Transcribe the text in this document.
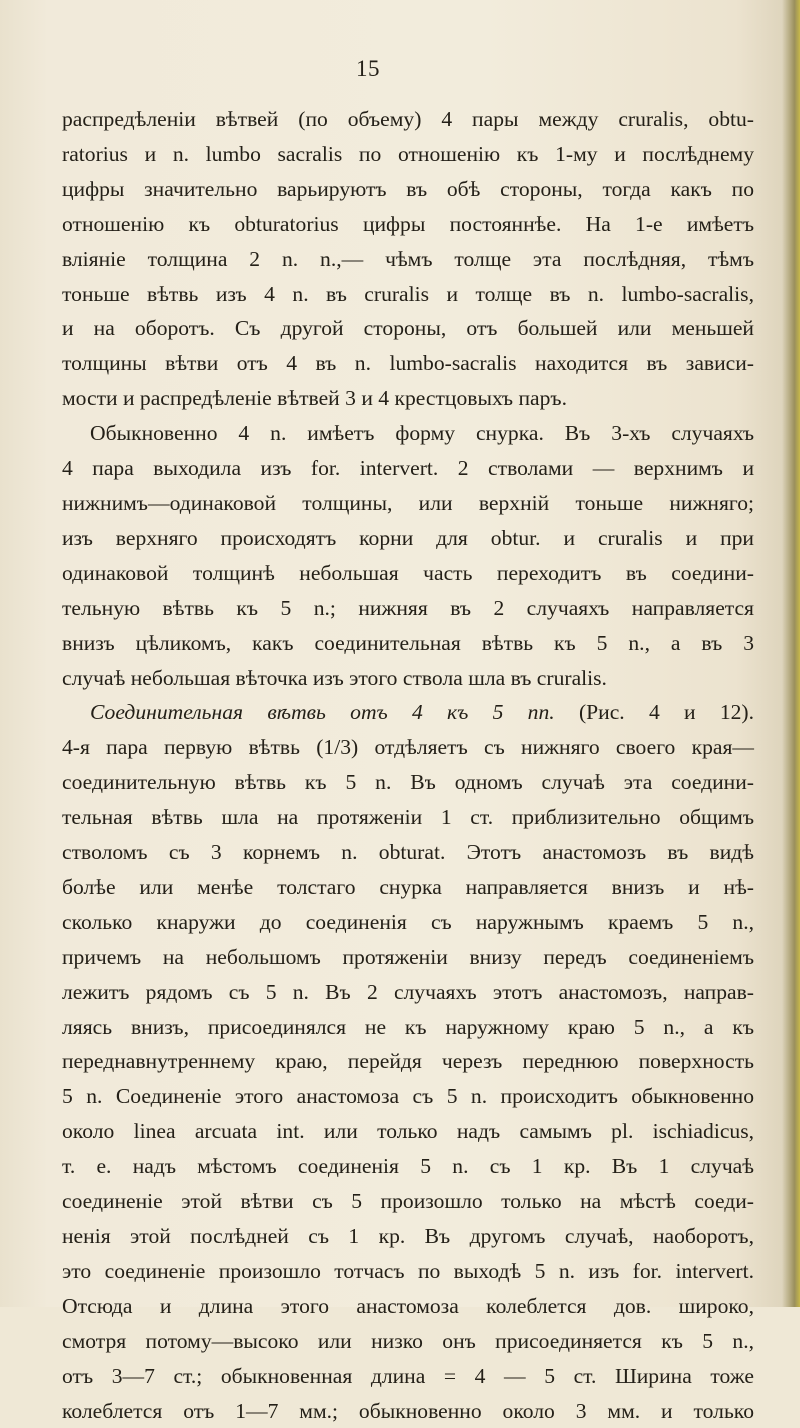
15
распредѣленіи вѣтвей (по объему) 4 пары между cruralis, obtu-
ratorius и n. lumbo sacralis по отношенію къ 1-му и послѣднему
цифры значительно варьируютъ въ обѣ стороны, тогда какъ по
отношенію къ obturatorius цифры постояннѣе. На 1-е имѣетъ
вліяніе толщина 2 n. n.,— чѣмъ толще эта послѣдняя, тѣмъ
тоньше вѣтвь изъ 4 n. въ cruralis и толще въ n. lumbo-sacralis,
и на оборотъ. Съ другой стороны, отъ большей или меньшей
толщины вѣтви отъ 4 въ n. lumbo-sacralis находится въ зависи-
мости и распредѣленіе вѣтвей 3 и 4 крестцовыхъ паръ.
Обыкновенно 4 n. имѣетъ форму снурка. Въ 3-хъ случаяхъ
4 пара выходила изъ for. intervert. 2 стволами — верхнимъ и
нижнимъ—одинаковой толщины, или верхній тоньше нижняго;
изъ верхняго происходятъ корни для obtur. и cruralis и при
одинаковой толщинѣ небольшая часть переходитъ въ соедини-
тельную вѣтвь къ 5 n.; нижняя въ 2 случаяхъ направляется
внизъ цѣликомъ, какъ соединительная вѣтвь къ 5 n., а въ 3
случаѣ небольшая вѣточка изъ этого ствола шла въ cruralis.
Соединительная вѣтвь отъ 4 къ 5 пп. (Рис. 4 и 12).
4-я пара первую вѣтвь (1/3) отдѣляетъ съ нижняго своего края—
соединительную вѣтвь къ 5 n. Въ одномъ случаѣ эта соедини-
тельная вѣтвь шла на протяженіи 1 ст. приблизительно общимъ
стволомъ съ 3 корнемъ n. obturat. Этотъ анастомозъ въ видѣ
болѣе или менѣе толстаго снурка направляется внизъ и нѣ-
сколько кнаружи до соединенія съ наружнымъ краемъ 5 n.,
причемъ на небольшомъ протяженіи внизу передъ соединеніемъ
лежитъ рядомъ съ 5 n. Въ 2 случаяхъ этотъ анастомозъ, направ-
ляясь внизъ, присоединялся не къ наружному краю 5 n., а къ
переднавнутреннему краю, перейдя черезъ переднюю поверхность
5 n. Соединеніе этого анастомоза съ 5 n. происходитъ обыкновенно
около linea arcuata int. или только надъ самымъ pl. ischiadicus,
т. е. надъ мѣстомъ соединенія 5 n. съ 1 кр. Въ 1 случаѣ
соединеніе этой вѣтви съ 5 произошло только на мѣстѣ соеди-
ненія этой послѣдней съ 1 кр. Въ другомъ случаѣ, наоборотъ,
это соединеніе произошло тотчасъ по выходѣ 5 n. изъ for. intervert.
Отсюда и длина этого анастомоза колеблется дов. широко,
смотря потому—высоко или низко онъ присоединяется къ 5 n.,
отъ 3—7 ст.; обыкновенная длина = 4 — 5 ст. Ширина тоже
колеблется отъ 1—7 мм.; обыкновенно около 3 мм. и только
